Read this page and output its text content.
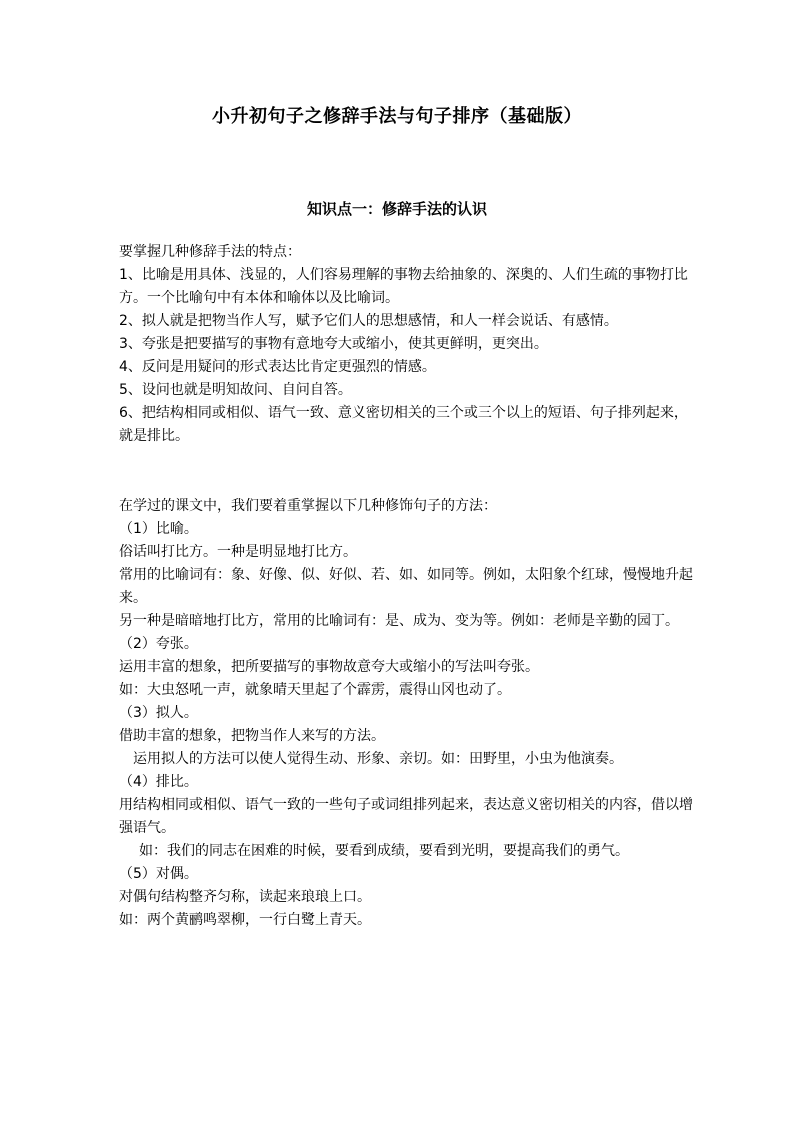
小升初句子之修辞手法与句子排序（基础版）
知识点一：修辞手法的认识

要掌握几种修辞手法的特点：

1、比喻是用具体、浅显的，人们容易理解的事物去给抽象的、深奥的、人们生疏的事物打比方。一个比喻句中有本体和喻体以及比喻词。

2、拟人就是把物当作人写，赋予它们人的思想感情，和人一样会说话、有感情。

3、夸张是把要描写的事物有意地夸大或缩小，使其更鲜明，更突出。

4、反问是用疑问的形式表达比肯定更强烈的情感。

5、设问也就是明知故问、自问自答。

6、把结构相同或相似、语气一致、意义密切相关的三个或三个以上的短语、句子排列起来，就是排比。

在学过的课文中，我们要着重掌握以下几种修饰句子的方法：

（1）比喻。

俗话叫打比方。一种是明显地打比方。

常用的比喻词有：象、好像、似、好似、若、如、如同等。例如，太阳象个红球，慢慢地升起来。

另一种是暗暗地打比方，常用的比喻词有：是、成为、变为等。例如：老师是辛勤的园丁。

（2）夸张。

运用丰富的想象，把所要描写的事物故意夸大或缩小的写法叫夸张。

如：大虫怒吼一声，就象晴天里起了个霹雳，震得山冈也动了。

（3）拟人。

借助丰富的想象，把物当作人来写的方法。

运用拟人的方法可以使人觉得生动、形象、亲切。如：田野里，小虫为他演奏。

（4）排比。

用结构相同或相似、语气一致的一些句子或词组排列起来，表达意义密切相关的内容，借以增强语气。

如：我们的同志在困难的时候，要看到成绩，要看到光明，要提高我们的勇气。

（5）对偶。

对偶句结构整齐匀称，读起来琅琅上口。

如：两个黄鹂鸣翠柳，一行白鹭上青天。
